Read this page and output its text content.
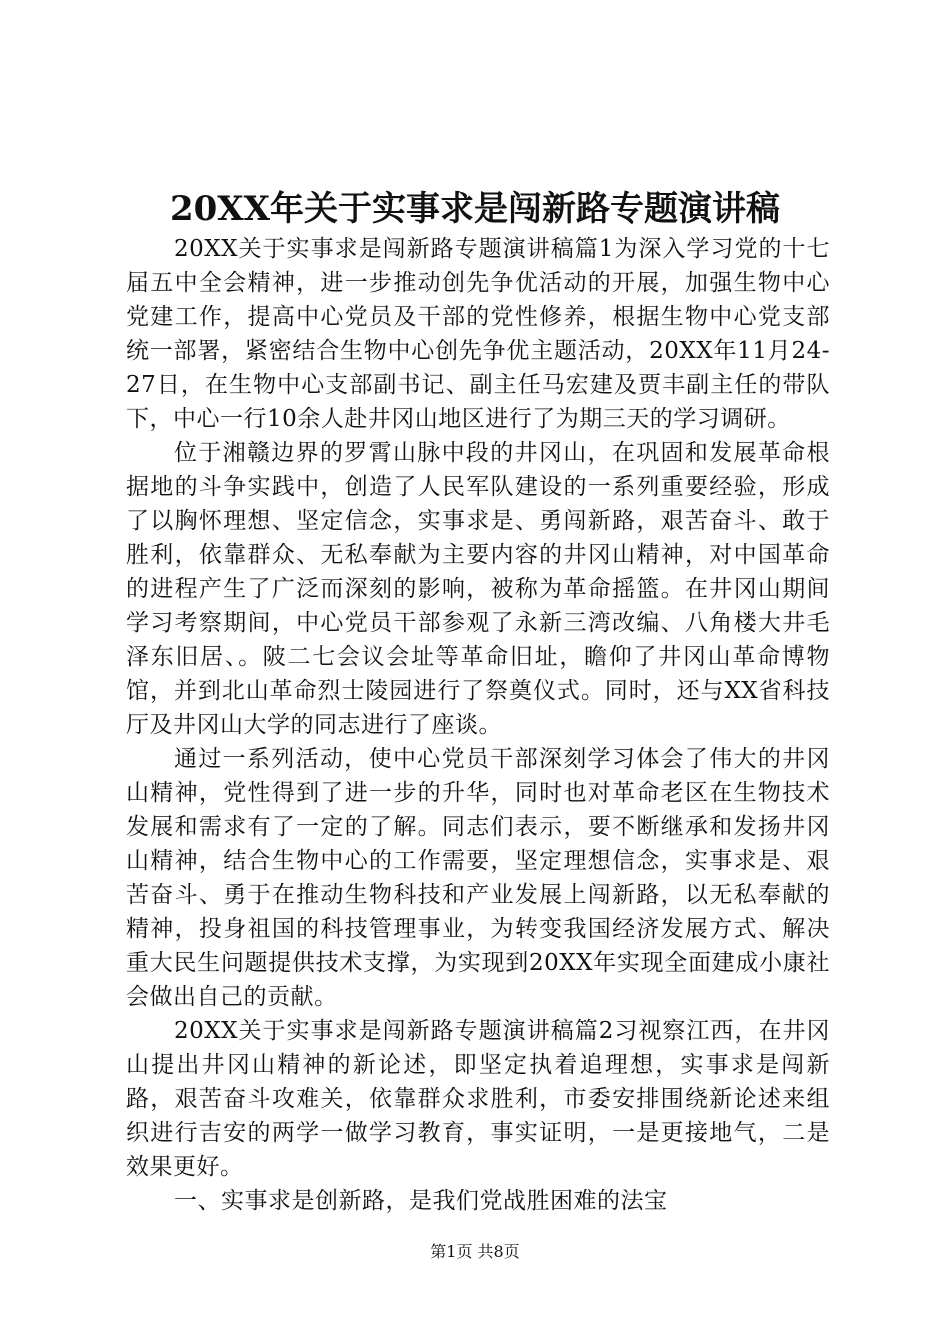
20XX年关于实事求是闯新路专题演讲稿

20XX关于实事求是闯新路专题演讲稿篇1为深入学习党的十七届五中全会精神，进一步推动创先争优活动的开展，加强生物中心党建工作，提高中心党员及干部的党性修养，根据生物中心党支部统一部署，紧密结合生物中心创先争优主题活动，20XX年11月24-27日，在生物中心支部副书记、副主任马宏建及贾丰副主任的带队下，中心一行10余人赴井冈山地区进行了为期三天的学习调研。

位于湘赣边界的罗霄山脉中段的井冈山，在巩固和发展革命根据地的斗争实践中，创造了人民军队建设的一系列重要经验，形成了以胸怀理想、坚定信念，实事求是、勇闯新路，艰苦奋斗、敢于胜利，依靠群众、无私奉献为主要内容的井冈山精神，对中国革命的进程产生了广泛而深刻的影响，被称为革命摇篮。在井冈山期间学习考察期间，中心党员干部参观了永新三湾改编、八角楼大井毛泽东旧居、。陂二七会议会址等革命旧址，瞻仰了井冈山革命博物馆，并到北山革命烈士陵园进行了祭奠仪式。同时，还与XX省科技厅及井冈山大学的同志进行了座谈。

通过一系列活动，使中心党员干部深刻学习体会了伟大的井冈山精神，党性得到了进一步的升华，同时也对革命老区在生物技术发展和需求有了一定的了解。同志们表示，要不断继承和发扬井冈山精神，结合生物中心的工作需要，坚定理想信念，实事求是、艰苦奋斗、勇于在推动生物科技和产业发展上闯新路，以无私奉献的精神，投身祖国的科技管理事业，为转变我国经济发展方式、解决重大民生问题提供技术支撑，为实现到20XX年实现全面建成小康社会做出自己的贡献。

20XX关于实事求是闯新路专题演讲稿篇2习视察江西，在井冈山提出井冈山精神的新论述，即坚定执着追理想，实事求是闯新路，艰苦奋斗攻难关，依靠群众求胜利，市委安排围绕新论述来组织进行吉安的两学一做学习教育，事实证明，一是更接地气，二是效果更好。

一、实事求是创新路，是我们党战胜困难的法宝

第1页 共8页
